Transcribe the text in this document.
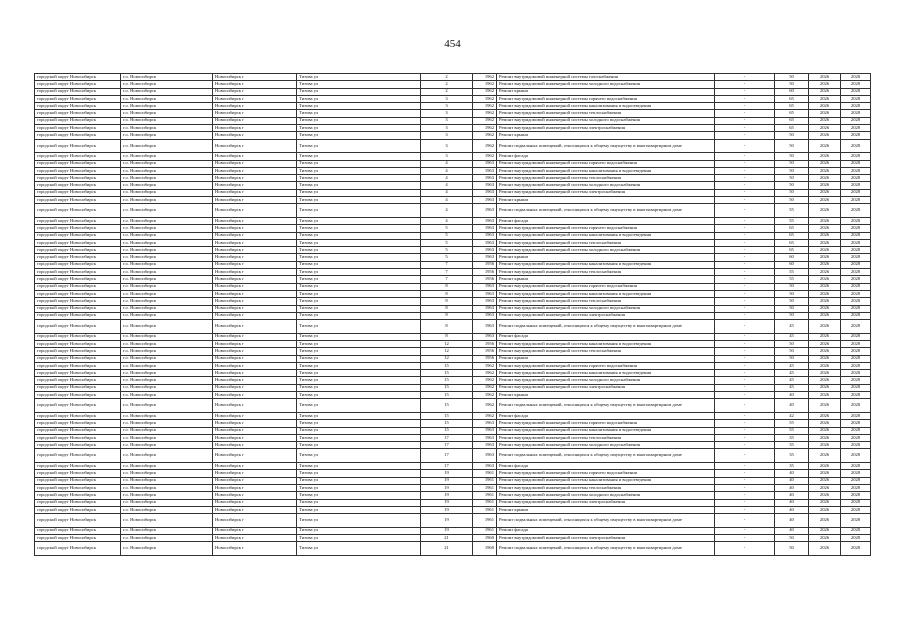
454
городской округ Новосибирск	г.о. Новосибирск	Новосибирск г	Титова ул	2	1962	Ремонт внутридомовой инженерной системы газоснабжения	-	50	2026	2028
городской округ Новосибирск	г.о. Новосибирск	Новосибирск г	Титова ул	2	1962	Ремонт внутридомовой инженерной системы холодного водоснабжения	-	50	2026	2028
городской округ Новосибирск	г.о. Новосибирск	Новосибирск г	Титова ул	2	1962	Ремонт крыши	-	60	2026	2028
городской округ Новосибирск	г.о. Новосибирск	Новосибирск г	Титова ул	3	1962	Ремонт внутридомовой инженерной системы горячего водоснабжения	-	65	2026	2028
городской округ Новосибирск	г.о. Новосибирск	Новосибирск г	Титова ул	3	1962	Ремонт внутридомовой инженерной системы канализования и водоотведения	-	65	2026	2028
городской округ Новосибирск	г.о. Новосибирск	Новосибирск г	Титова ул	3	1962	Ремонт внутридомовой инженерной системы теплоснабжения	-	65	2026	2028
городской округ Новосибирск	г.о. Новосибирск	Новосибирск г	Титова ул	3	1962	Ремонт внутридомовой инженерной системы холодного водоснабжения	-	65	2026	2028
городской округ Новосибирск	г.о. Новосибирск	Новосибирск г	Титова ул	3	1962	Ремонт внутридомовой инженерной системы электроснабжения	-	65	2026	2028
городской округ Новосибирск	г.о. Новосибирск	Новосибирск г	Титова ул	3	1962	Ремонт крыши	-	50	2026	2028
городской округ Новосибирск	г.о. Новосибирск	Новосибирск г	Титова ул	3	1962	Ремонт подвальных помещений, относящихся к общему имуществу в многоквартирном доме	-	50	2026	2028
городской округ Новосибирск	г.о. Новосибирск	Новосибирск г	Титова ул	3	1962	Ремонт фасада	-	50	2026	2028
городской округ Новосибирск	г.о. Новосибирск	Новосибирск г	Титова ул	4	1963	Ремонт внутридомовой инженерной системы горячего водоснабжения	-	50	2026	2028
городской округ Новосибирск	г.о. Новосибирск	Новосибирск г	Титова ул	4	1963	Ремонт внутридомовой инженерной системы канализования и водоотведения	-	50	2026	2028
городской округ Новосибирск	г.о. Новосибирск	Новосибирск г	Титова ул	4	1963	Ремонт внутридомовой инженерной системы теплоснабжения	-	50	2026	2028
городской округ Новосибирск	г.о. Новосибирск	Новосибирск г	Титова ул	4	1963	Ремонт внутридомовой инженерной системы холодного водоснабжения	-	50	2026	2028
городской округ Новосибирск	г.о. Новосибирск	Новосибирск г	Титова ул	4	1963	Ремонт внутридомовой инженерной системы электроснабжения	-	50	2026	2028
городской округ Новосибирск	г.о. Новосибирск	Новосибирск г	Титова ул	4	1963	Ремонт крыши	-	50	2026	2028
городской округ Новосибирск	г.о. Новосибирск	Новосибирск г	Титова ул	4	1963	Ремонт подвальных помещений, относящихся к общему имуществу в многоквартирном доме	-	55	2026	2028
городской округ Новосибирск	г.о. Новосибирск	Новосибирск г	Титова ул	4	1963	Ремонт фасада	-	55	2026	2028
городской округ Новосибирск	г.о. Новосибирск	Новосибирск г	Титова ул	5	1963	Ремонт внутридомовой инженерной системы горячего водоснабжения	-	65	2026	2028
городской округ Новосибирск	г.о. Новосибирск	Новосибирск г	Титова ул	5	1963	Ремонт внутридомовой инженерной системы канализования и водоотведения	-	65	2026	2028
городской округ Новосибирск	г.о. Новосибирск	Новосибирск г	Титова ул	5	1963	Ремонт внутридомовой инженерной системы теплоснабжения	-	65	2026	2028
городской округ Новосибирск	г.о. Новосибирск	Новосибирск г	Титова ул	5	1963	Ремонт внутридомовой инженерной системы холодного водоснабжения	-	65	2026	2028
городской округ Новосибирск	г.о. Новосибирск	Новосибирск г	Титова ул	5	1963	Ремонт крыши	-	60	2026	2028
городской округ Новосибирск	г.о. Новосибирск	Новосибирск г	Титова ул	7	1956	Ремонт внутридомовой инженерной системы канализования и водоотведения	-	60	2026	2028
городской округ Новосибирск	г.о. Новосибирск	Новосибирск г	Титова ул	7	1956	Ремонт внутридомовой инженерной системы теплоснабжения	-	55	2026	2028
городской округ Новосибирск	г.о. Новосибирск	Новосибирск г	Титова ул	7	1956	Ремонт крыши	-	55	2026	2028
городской округ Новосибирск	г.о. Новосибирск	Новосибирск г	Титова ул	8	1963	Ремонт внутридомовой инженерной системы горячего водоснабжения	-	50	2026	2028
городской округ Новосибирск	г.о. Новосибирск	Новосибирск г	Титова ул	8	1963	Ремонт внутридомовой инженерной системы канализования и водоотведения	-	50	2026	2028
городской округ Новосибирск	г.о. Новосибирск	Новосибирск г	Титова ул	8	1963	Ремонт внутридомовой инженерной системы теплоснабжения	-	50	2026	2028
городской округ Новосибирск	г.о. Новосибирск	Новосибирск г	Титова ул	8	1963	Ремонт внутридомовой инженерной системы холодного водоснабжения	-	50	2026	2028
городской округ Новосибирск	г.о. Новосибирск	Новосибирск г	Титова ул	8	1963	Ремонт внутридомовой инженерной системы электроснабжения	-	50	2026	2028
городской округ Новосибирск	г.о. Новосибирск	Новосибирск г	Титова ул	8	1963	Ремонт подвальных помещений, относящихся к общему имуществу в многоквартирном доме	-	45	2026	2028
городской округ Новосибирск	г.о. Новосибирск	Новосибирск г	Титова ул	8	1963	Ремонт фасада	-	45	2026	2028
городской округ Новосибирск	г.о. Новосибирск	Новосибирск г	Титова ул	12	1956	Ремонт внутридомовой инженерной системы канализования и водоотведения	-	50	2026	2028
городской округ Новосибирск	г.о. Новосибирск	Новосибирск г	Титова ул	12	1956	Ремонт внутридомовой инженерной системы теплоснабжения	-	50	2026	2028
городской округ Новосибирск	г.о. Новосибирск	Новосибирск г	Титова ул	12	1956	Ремонт крыши	-	50	2026	2028
городской округ Новосибирск	г.о. Новосибирск	Новосибирск г	Титова ул	15	1962	Ремонт внутридомовой инженерной системы горячего водоснабжения	-	45	2026	2028
городской округ Новосибирск	г.о. Новосибирск	Новосибирск г	Титова ул	15	1962	Ремонт внутридомовой инженерной системы канализования и водоотведения	-	45	2026	2028
городской округ Новосибирск	г.о. Новосибирск	Новосибирск г	Титова ул	15	1962	Ремонт внутридомовой инженерной системы холодного водоснабжения	-	45	2026	2028
городской округ Новосибирск	г.о. Новосибирск	Новосибирск г	Титова ул	15	1962	Ремонт внутридомовой инженерной системы электроснабжения	-	45	2026	2028
городской округ Новосибирск	г.о. Новосибирск	Новосибирск г	Титова ул	15	1962	Ремонт крыши	-	40	2026	2028
городской округ Новосибирск	г.о. Новосибирск	Новосибирск г	Титова ул	15	1962	Ремонт подвальных помещений, относящихся к общему имуществу в многоквартирном доме	-	40	2026	2028
городской округ Новосибирск	г.о. Новосибирск	Новосибирск г	Титова ул	15	1962	Ремонт фасада	-	42	2026	2028
городской округ Новосибирск	г.о. Новосибирск	Новосибирск г	Титова ул	15	1963	Ремонт внутридомовой инженерной системы горячего водоснабжения	-	55	2026	2028
городской округ Новосибирск	г.о. Новосибирск	Новосибирск г	Титова ул	15	1963	Ремонт внутридомовой инженерной системы канализования и водоотведения	-	55	2026	2028
городской округ Новосибирск	г.о. Новосибирск	Новосибирск г	Титова ул	17	1963	Ремонт внутридомовой инженерной системы теплоснабжения	-	35	2026	2028
городской округ Новосибирск	г.о. Новосибирск	Новосибирск г	Титова ул	17	1963	Ремонт внутридомовой инженерной системы холодного водоснабжения	-	35	2026	2028
городской округ Новосибирск	г.о. Новосибирск	Новосибирск г	Титова ул	17	1963	Ремонт подвальных помещений, относящихся к общему имуществу в многоквартирном доме	-	35	2026	2028
городской округ Новосибирск	г.о. Новосибирск	Новосибирск г	Титова ул	17	1963	Ремонт фасада	-	35	2026	2028
городской округ Новосибирск	г.о. Новосибирск	Новосибирск г	Титова ул	19	1961	Ремонт внутридомовой инженерной системы горячего водоснабжения	-	40	2026	2028
городской округ Новосибирск	г.о. Новосибирск	Новосибирск г	Титова ул	19	1961	Ремонт внутридомовой инженерной системы канализования и водоотведения	-	40	2026	2028
городской округ Новосибирск	г.о. Новосибирск	Новосибирск г	Титова ул	19	1961	Ремонт внутридомовой инженерной системы теплоснабжения	-	40	2026	2028
городской округ Новосибирск	г.о. Новосибирск	Новосибирск г	Титова ул	19	1961	Ремонт внутридомовой инженерной системы холодного водоснабжения	-	40	2026	2028
городской округ Новосибирск	г.о. Новосибирск	Новосибирск г	Титова ул	19	1961	Ремонт внутридомовой инженерной системы электроснабжения	-	40	2026	2028
городской округ Новосибирск	г.о. Новосибирск	Новосибирск г	Титова ул	19	1961	Ремонт крыши	-	40	2026	2028
городской округ Новосибирск	г.о. Новосибирск	Новосибирск г	Титова ул	19	1961	Ремонт подвальных помещений, относящихся к общему имуществу в многоквартирном доме	-	40	2026	2028
городской округ Новосибирск	г.о. Новосибирск	Новосибирск г	Титова ул	19	1961	Ремонт фасада	-	40	2026	2028
городской округ Новосибирск	г.о. Новосибирск	Новосибирск г	Титова ул	21	1960	Ремонт внутридомовой инженерной системы электроснабжения	-	50	2026	2028
городской округ Новосибирск	г.о. Новосибирск	Новосибирск г	Титова ул	21	1960	Ремонт подвальных помещений, относящихся к общему имуществу в многоквартирном доме	-	50	2026	2028
